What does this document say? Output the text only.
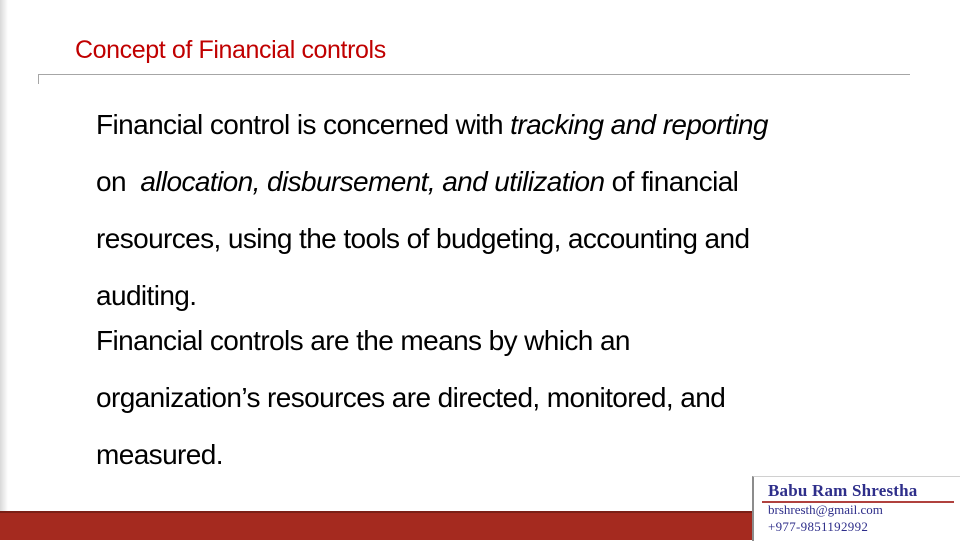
Concept of Financial controls

Financial control is concerned with tracking and reporting

on  allocation, disbursement, and utilization of financial

resources, using the tools of budgeting, accounting and

auditing.

Financial controls are the means by which an

organization’s resources are directed, monitored, and

measured.

Babu Ram Shrestha
brshresth@gmail.com
+977-9851192992
